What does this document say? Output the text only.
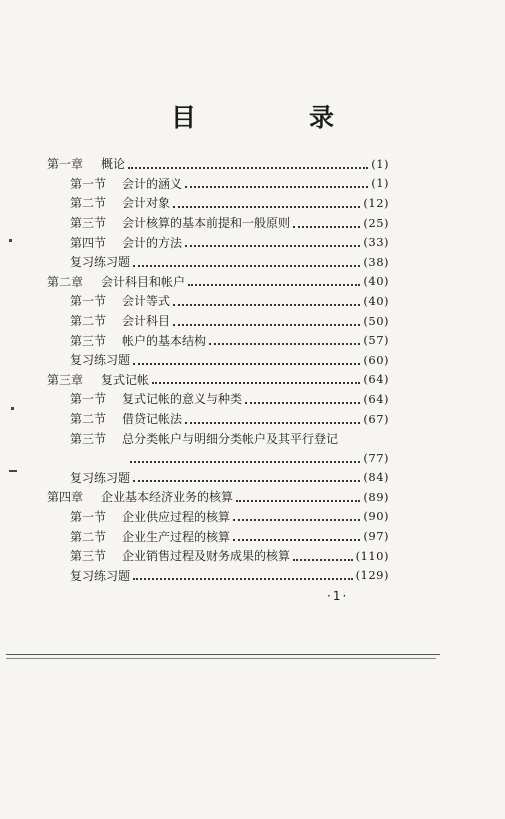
目　录
第一章 概论	(1)
第一节 会计的涵义	(1)
第二节 会计对象	(12)
第三节 会计核算的基本前提和一般原则	(25)
第四节 会计的方法	(33)
复习练习题	(38)
第二章 会计科目和帐户	(40)
第一节 会计等式	(40)
第二节 会计科目	(50)
第三节 帐户的基本结构	(57)
复习练习题	(60)
第三章 复式记帐	(64)
第一节 复式记帐的意义与种类	(64)
第二节 借贷记帐法	(67)
第三节 总分类帐户与明细分类帐户及其平行登记
(77)
复习练习题	(84)
第四章 企业基本经济业务的核算	(89)
第一节 企业供应过程的核算	(90)
第二节 企业生产过程的核算	(97)
第三节 企业销售过程及财务成果的核算	(110)
复习练习题	(129)
·1·
